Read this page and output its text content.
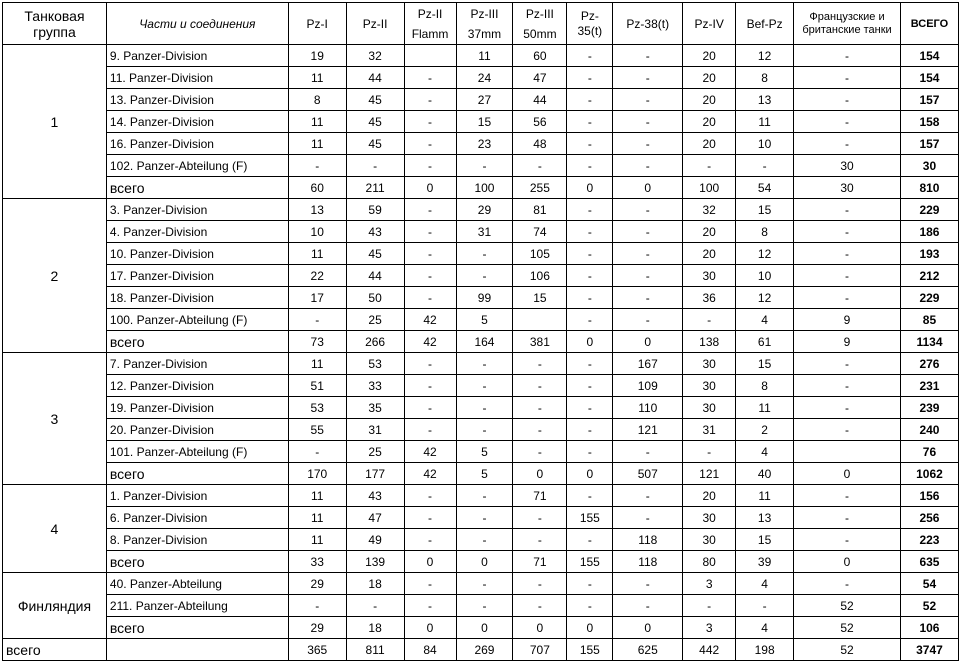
Танковая группа	Части и соединения	Pz-I	Pz-II	Pz-II	Pz-III	Pz-III	Pz-35(t)	Pz-38(t)	Pz-IV	Bef-Pz	Французские и британские танки	ВСЕГО
				Flamm	37mm	50mm						
1	9. Panzer-Division	19	32		11	60	-	-	20	12	-	154
	11. Panzer-Division	11	44	-	24	47	-	-	20	8	-	154
	13. Panzer-Division	8	45	-	27	44	-	-	20	13	-	157
	14. Panzer-Division	11	45	-	15	56	-	-	20	11	-	158
	16. Panzer-Division	11	45	-	23	48	-	-	20	10	-	157
	102. Panzer-Abteilung (F)	-	-	-	-	-	-	-	-	-	30	30
	всего	60	211	0	100	255	0	0	100	54	30	810
2	3. Panzer-Division	13	59	-	29	81	-	-	32	15	-	229
	4. Panzer-Division	10	43	-	31	74	-	-	20	8	-	186
	10. Panzer-Division	11	45	-	-	105	-	-	20	12	-	193
	17. Panzer-Division	22	44	-	-	106	-	-	30	10	-	212
	18. Panzer-Division	17	50	-	99	15	-	-	36	12	-	229
	100. Panzer-Abteilung (F)	-	25	42	5		-	-	-	4	9	85
	всего	73	266	42	164	381	0	0	138	61	9	1134
3	7. Panzer-Division	11	53	-	-	-	-	167	30	15	-	276
	12. Panzer-Division	51	33	-	-	-	-	109	30	8	-	231
	19. Panzer-Division	53	35	-	-	-	-	110	30	11	-	239
	20. Panzer-Division	55	31	-	-	-	-	121	31	2	-	240
	101. Panzer-Abteilung (F)	-	25	42	5	-	-	-	-	4		76
	всего	170	177	42	5	0	0	507	121	40	0	1062
4	1. Panzer-Division	11	43	-	-	71	-	-	20	11	-	156
	6. Panzer-Division	11	47	-	-	-	155	-	30	13	-	256
	8. Panzer-Division	11	49	-	-	-	-	118	30	15	-	223
	всего	33	139	0	0	71	155	118	80	39	0	635
Финляндия	40. Panzer-Abteilung	29	18	-	-	-	-	-	3	4	-	54
	211. Panzer-Abteilung	-	-	-	-	-	-	-	-	-	52	52
	всего	29	18	0	0	0	0	0	3	4	52	106
всего		365	811	84	269	707	155	625	442	198	52	3747
